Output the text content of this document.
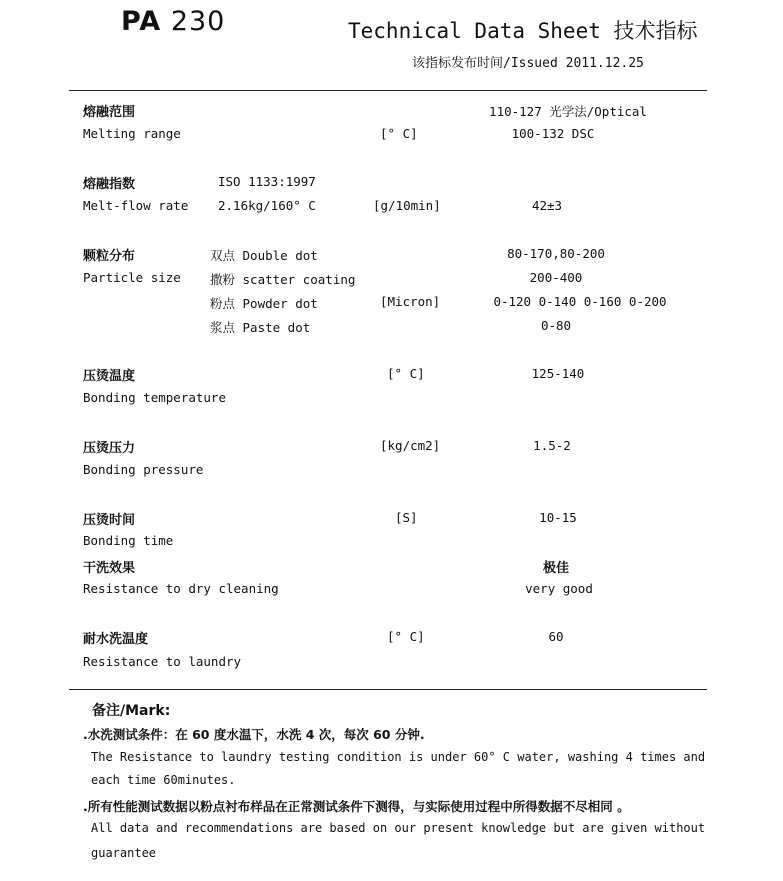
PA 230	Technical Data Sheet 技术指标
该指标发布时间/Issued 2011.12.25
熔融范围
Melting range	[° C]
110-127 光学法/Optical
100-132 DSC
熔融指数
Melt-flow rate
ISO 1133:1997
2.16kg/160° C	[g/10min]	42±3
颗粒分布
Particle size
[Micron]
双点 Double dot	80-170,80-200
撒粉 scatter coating	200-400
粉点 Powder dot	0-120 0-140 0-160 0-200
浆点 Paste dot	0-80
压烫温度
Bonding temperature
[° C]	125-140
压烫压力
Bonding pressure
[kg/cm2]	1.5-2
压烫时间
Bonding time
[S]	10-15
干洗效果
Resistance to dry cleaning
极佳
very good
耐水洗温度
Resistance to laundry
[° C]	60
备注/Mark:
.水洗测试条件：在 60 度水温下，水洗 4 次，每次 60 分钟.
The Resistance to laundry testing condition is under 60° C water, washing 4 times and
each time 60minutes.
.所有性能测试数据以粉点衬布样品在正常测试条件下测得，与实际使用过程中所得数据不尽相同 。
All data and recommendations are based on our present knowledge but are given without
guarantee
